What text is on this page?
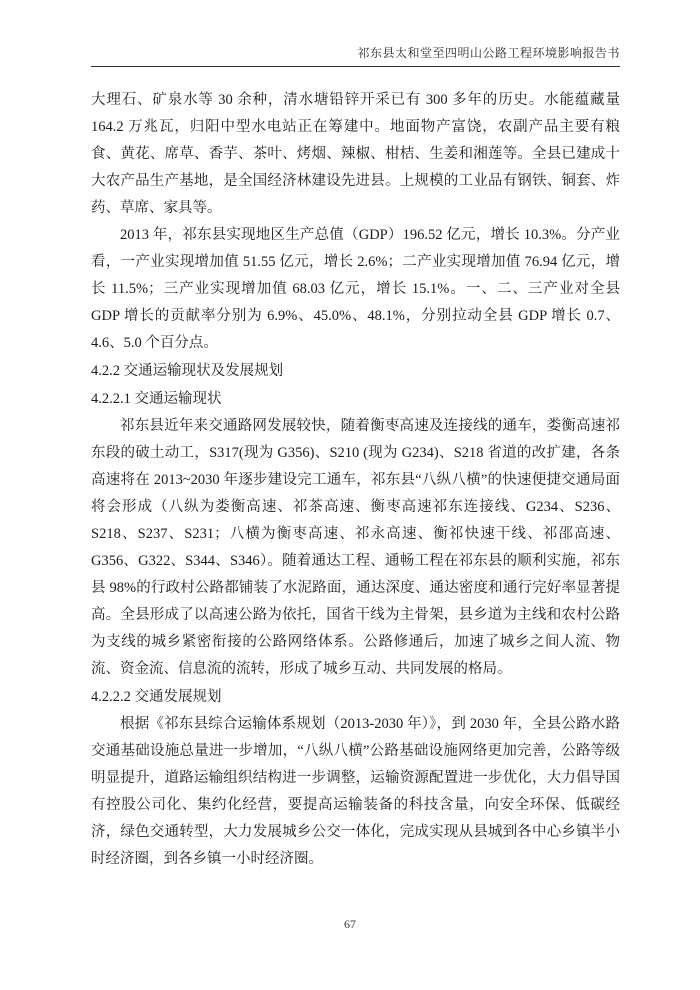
祁东县太和堂至四明山公路工程环境影响报告书

大理石、矿泉水等 30 余种，清水塘铅锌开采已有 300 多年的历史。水能蕴藏量 164.2 万兆瓦，归阳中型水电站正在筹建中。地面物产富饶，农副产品主要有粮食、黄花、席草、香芋、茶叶、烤烟、辣椒、柑桔、生姜和湘莲等。全县已建成十大农产品生产基地，是全国经济林建设先进县。上规模的工业品有钢铁、铜套、炸药、草席、家具等。

2013 年，祁东县实现地区生产总值（GDP）196.52 亿元，增长 10.3%。分产业看，一产业实现增加值 51.55 亿元，增长 2.6%；二产业实现增加值 76.94 亿元，增长 11.5%；三产业实现增加值 68.03 亿元，增长 15.1%。一、二、三产业对全县 GDP 增长的贡献率分别为 6.9%、45.0%、48.1%，分别拉动全县 GDP 增长 0.7、4.6、5.0 个百分点。

4.2.2 交通运输现状及发展规划
4.2.2.1 交通运输现状

祁东县近年来交通路网发展较快，随着衡枣高速及连接线的通车，娄衡高速祁东段的破土动工，S317(现为 G356)、S210 (现为 G234)、S218 省道的改扩建，各条高速将在 2013~2030 年逐步建设完工通车，祁东县“八纵八横”的快速便捷交通局面将会形成（八纵为娄衡高速、祁茶高速、衡枣高速祁东连接线、G234、S236、S218、S237、S231；八横为衡枣高速、祁永高速、衡祁快速干线、祁邵高速、G356、G322、S344、S346）。随着通达工程、通畅工程在祁东县的顺利实施，祁东县 98%的行政村公路都铺装了水泥路面，通达深度、通达密度和通行完好率显著提高。全县形成了以高速公路为依托，国省干线为主骨架，县乡道为主线和农村公路为支线的城乡紧密衔接的公路网络体系。公路修通后，加速了城乡之间人流、物流、资金流、信息流的流转，形成了城乡互动、共同发展的格局。

4.2.2.2 交通发展规划

根据《祁东县综合运输体系规划（2013-2030 年）》，到 2030 年，全县公路水路交通基础设施总量进一步增加，“八纵八横”公路基础设施网络更加完善，公路等级明显提升，道路运输组织结构进一步调整，运输资源配置进一步优化，大力倡导国有控股公司化、集约化经营，要提高运输装备的科技含量，向安全环保、低碳经济，绿色交通转型，大力发展城乡公交一体化，完成实现从县城到各中心乡镇半小时经济圈，到各乡镇一小时经济圈。

67
